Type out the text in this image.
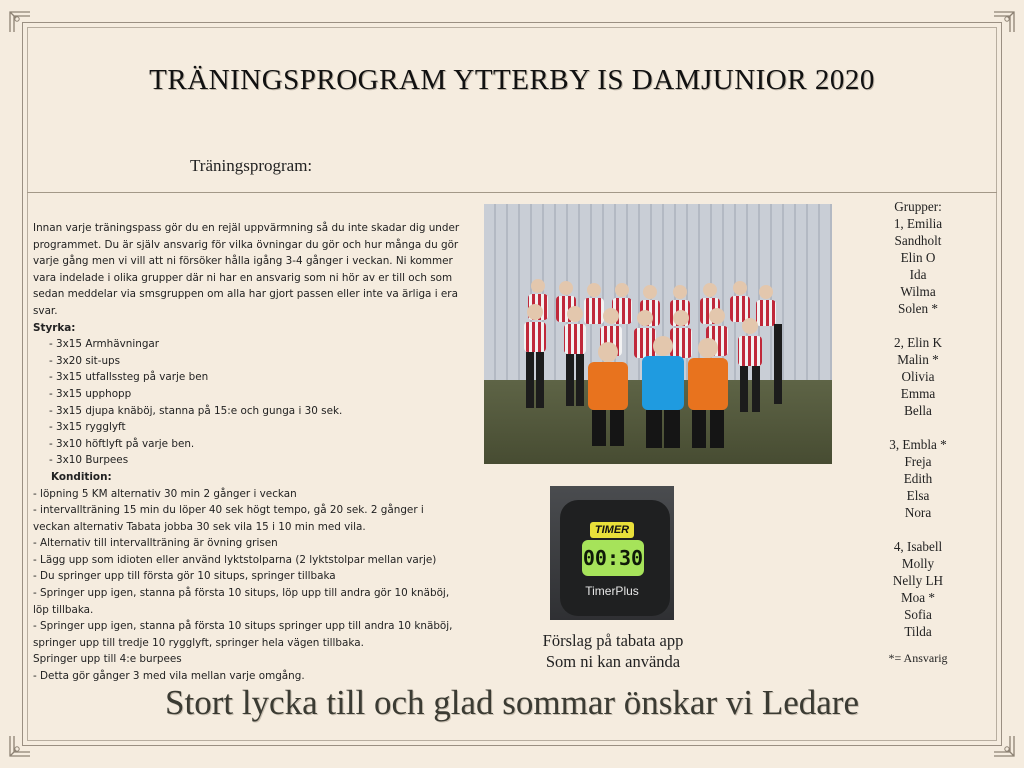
TRÄNINGSPROGRAM YTTERBY IS DAMJUNIOR 2020
Träningsprogram:

Innan varje träningspass gör du en rejäl uppvärmning så du inte skadar dig under programmet. Du är själv ansvarig för vilka övningar du gör och hur många du gör varje gång men vi vill att ni försöker hålla igång 3-4 gånger i veckan. Ni kommer vara indelade i olika grupper där ni har en ansvarig som ni hör av er till och som sedan meddelar via smsgruppen om alla har gjort passen eller inte va ärliga i era svar.

Styrka:

- 3x15 Armhävningar
- 3x20 sit-ups
- 3x15 utfallssteg på varje ben
- 3x15 upphopp
- 3x15 djupa knäböj, stanna på 15:e och gunga i 30 sek.
- 3x15 rygglyft
- 3x10 höftlyft på varje ben.
- 3x10 Burpees

Kondition:

- löpning 5 KM alternativ 30 min 2 gånger i veckan
- intervallträning 15 min du löper 40 sek högt tempo, gå 20 sek. 2 gånger i veckan alternativ Tabata jobba 30 sek vila 15 i 10 min med vila.
- Alternativ till intervallträning är övning grisen
- Lägg upp som idioten eller använd lyktstolparna (2 lyktstolpar mellan varje)
- Du springer upp till första gör 10 situps, springer tillbaka
- Springer upp igen, stanna på första 10 situps, löp upp till andra gör 10 knäböj, löp tillbaka.
- Springer upp igen, stanna på första 10 situps springer upp till andra 10 knäböj, springer upp till tredje 10 rygglyft, springer hela vägen tillbaka.
Springer upp till 4:e burpees
- Detta gör gånger 3 med vila mellan varje omgång.
TIMER
00:30
TimerPlus
Förslag på tabata app
Som ni kan använda
Grupper:
1, Emilia
Sandholt
Elin O
Ida
Wilma
Solen *
2, Elin K
Malin *
Olivia
Emma
Bella
3, Embla *
Freja
Edith
Elsa
Nora
4, Isabell
Molly
Nelly LH
Moa *
Sofia
Tilda
*= Ansvarig
Stort lycka till och glad sommar önskar vi Ledare
